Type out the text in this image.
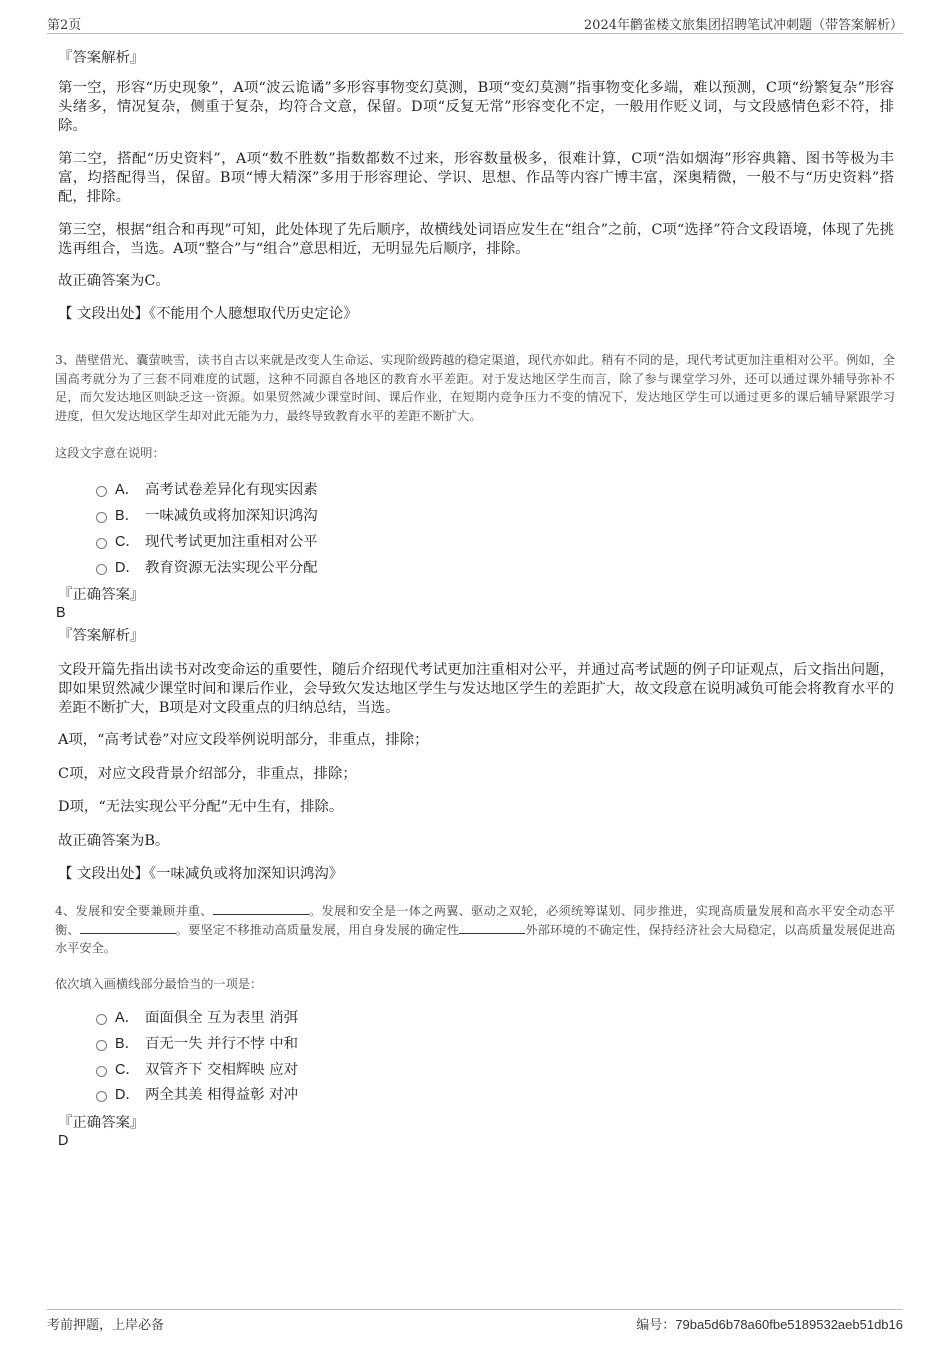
第2页	2024年鹳雀楼文旅集团招聘笔试冲刺题（带答案解析）
『答案解析』
第一空，形容“历史现象”，A项“波云诡谲”多形容事物变幻莫测，B项“变幻莫测”指事物变化多端，难以预测，C项“纷繁复杂”形容头绪多，情况复杂，侧重于复杂，均符合文意，保留。D项“反复无常”形容变化不定，一般用作贬义词，与文段感情色彩不符，排除。
第二空，搭配“历史资料”，A项“数不胜数”指数都数不过来，形容数量极多，很难计算，C项“浩如烟海”形容典籍、图书等极为丰富，均搭配得当，保留。B项“博大精深”多用于形容理论、学识、思想、作品等内容广博丰富，深奥精微，一般不与“历史资料”搭配，排除。
第三空，根据“组合和再现”可知，此处体现了先后顺序，故横线处词语应发生在“组合”之前，C项“选择”符合文段语境，体现了先挑选再组合，当选。A项“整合”与“组合”意思相近，无明显先后顺序，排除。
故正确答案为C。
【 文段出处】《不能用个人臆想取代历史定论》
3、凿壁借光、囊萤映雪，读书自古以来就是改变人生命运、实现阶级跨越的稳定渠道，现代亦如此。稍有不同的是，现代考试更加注重相对公平。例如，全国高考就分为了三套不同难度的试题，这种不同源自各地区的教育水平差距。对于发达地区学生而言，除了参与课堂学习外，还可以通过课外辅导弥补不足，而欠发达地区则缺乏这一资源。如果贸然减少课堂时间、课后作业，在短期内竞争压力不变的情况下，发达地区学生可以通过更多的课后辅导紧跟学习进度，但欠发达地区学生却对此无能为力，最终导致教育水平的差距不断扩大。
这段文字意在说明：
A． 高考试卷差异化有现实因素
B． 一味减负或将加深知识鸿沟
C． 现代考试更加注重相对公平
D． 教育资源无法实现公平分配
『正确答案』
B
『答案解析』
文段开篇先指出读书对改变命运的重要性，随后介绍现代考试更加注重相对公平，并通过高考试题的例子印证观点，后文指出问题，即如果贸然减少课堂时间和课后作业，会导致欠发达地区学生与发达地区学生的差距扩大，故文段意在说明减负可能会将教育水平的差距不断扩大，B项是对文段重点的归纳总结，当选。
A项，“高考试卷”对应文段举例说明部分，非重点，排除；
C项，对应文段背景介绍部分，非重点，排除；
D项，“无法实现公平分配”无中生有，排除。
故正确答案为B。
【 文段出处】《一味减负或将加深知识鸿沟》
4、发展和安全要兼顾并重、	。发展和安全是一体之两翼、驱动之双轮，必须统筹谋划、同步推进，实现高质量发展和高水平安全动态平衡、	。要坚定不移推动高质量发展，用自身发展的确定性	外部环境的不确定性，保持经济社会大局稳定，以高质量发展促进高水平安全。
依次填入画横线部分最恰当的一项是：
A． 面面俱全 互为表里 消弭
B． 百无一失 并行不悖 中和
C． 双管齐下 交相辉映 应对
D． 两全其美 相得益彰 对冲
『正确答案』
D
考前押题，上岸必备	编号：79ba5d6b78a60fbe5189532aeb51db16
